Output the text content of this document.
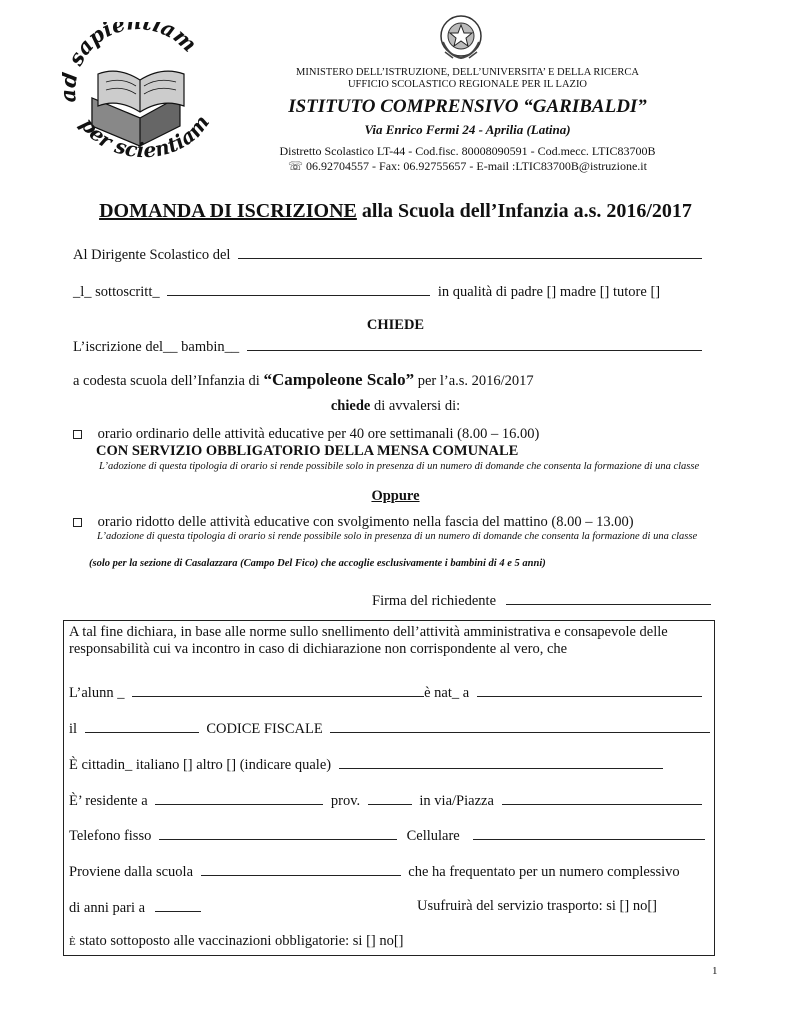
sapie tiam
per scientiam
MINISTERO DELL’ISTRUZIONE, DELL’UNIVERSITA’ E DELLA RICERCA
UFFICIO SCOLASTICO REGIONALE PER IL LAZIO
ISTITUTO COMPRENSIVO “GARIBALDI”
Via Enrico Fermi 24 - Aprilia (Latina)
Distretto Scolastico LT-44 - Cod.fisc. 80008090591 - Cod.mecc. LTIC83700B
☏ 06.92704557 - Fax: 06.92755657 - E-mail :LTIC83700B@istruzione.it
DOMANDA DI ISCRIZIONE alla Scuola dell’Infanzia a.s. 2016/2017
Al Dirigente Scolastico del
_l_ sottoscritt_	in qualità di padre [] madre [] tutore []
CHIEDE
L’iscrizione del__ bambin__
a codesta scuola dell’Infanzia di “Campoleone Scalo” per l’a.s. 2016/2017
chiede di avvalersi di:
orario ordinario delle attività educative per 40 ore settimanali (8.00 – 16.00)
CON SERVIZIO OBBLIGATORIO DELLA MENSA COMUNALE
L’adozione di questa tipologia di orario si rende possibile solo in presenza di un numero di domande che consenta la formazione di una classe
Oppure
orario ridotto delle attività educative con svolgimento nella fascia del mattino (8.00 – 13.00)
L’adozione di questa tipologia di orario si rende possibile solo in presenza di un numero di domande che consenta la formazione di una classe
(solo per la sezione di Casalazzara (Campo Del Fico) che accoglie esclusivamente i bambini di 4 e 5 anni)
Firma del richiedente
A tal fine dichiara, in base alle norme sullo snellimento dell’attività amministrativa e consapevole delle
responsabilità cui va incontro in caso di dichiarazione non corrispondente al vero, che
L’alunn _	è nat_ a
il	CODICE FISCALE
È cittadin_ italiano [] altro [] (indicare quale)
È’ residente a	prov.	in via/Piazza
Telefono fisso	Cellulare
Proviene dalla scuola	che ha frequentato per un numero complessivo
di anni pari a	Usufruirà del servizio trasporto: si [] no[]
È stato sottoposto alle vaccinazioni obbligatorie: si [] no[]
1
